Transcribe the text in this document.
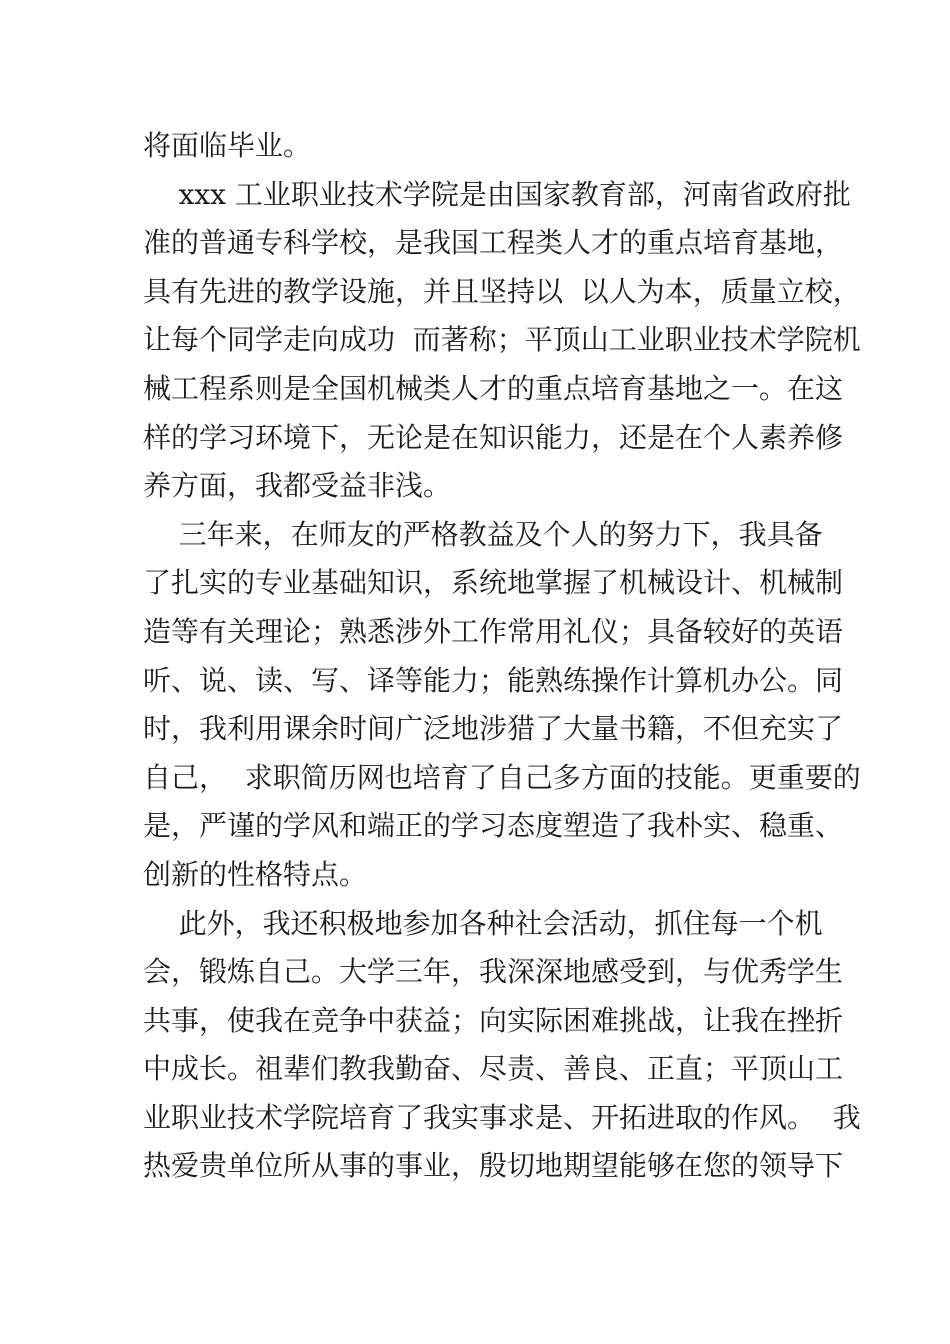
将面临毕业。
xxx 工业职业技术学院是由国家教育部，河南省政府批
准的普通专科学校，是我国工程类人才的重点培育基地，
具有先进的教学设施，并且坚持以  以人为本，质量立校，
让每个同学走向成功  而著称；平顶山工业职业技术学院机
械工程系则是全国机械类人才的重点培育基地之一。在这
样的学习环境下，无论是在知识能力，还是在个人素养修
养方面，我都受益非浅。
三年来，在师友的严格教益及个人的努力下，我具备
了扎实的专业基础知识，系统地掌握了机械设计、机械制
造等有关理论；熟悉涉外工作常用礼仪；具备较好的英语
听、说、读、写、译等能力；能熟练操作计算机办公。同
时，我利用课余时间广泛地涉猎了大量书籍，不但充实了
自己，  求职简历网也培育了自己多方面的技能。更重要的
是，严谨的学风和端正的学习态度塑造了我朴实、稳重、
创新的性格特点。
此外，我还积极地参加各种社会活动，抓住每一个机
会，锻炼自己。大学三年，我深深地感受到，与优秀学生
共事，使我在竞争中获益；向实际困难挑战，让我在挫折
中成长。祖辈们教我勤奋、尽责、善良、正直；平顶山工
业职业技术学院培育了我实事求是、开拓进取的作风。  我
热爱贵单位所从事的事业，殷切地期望能够在您的领导下
